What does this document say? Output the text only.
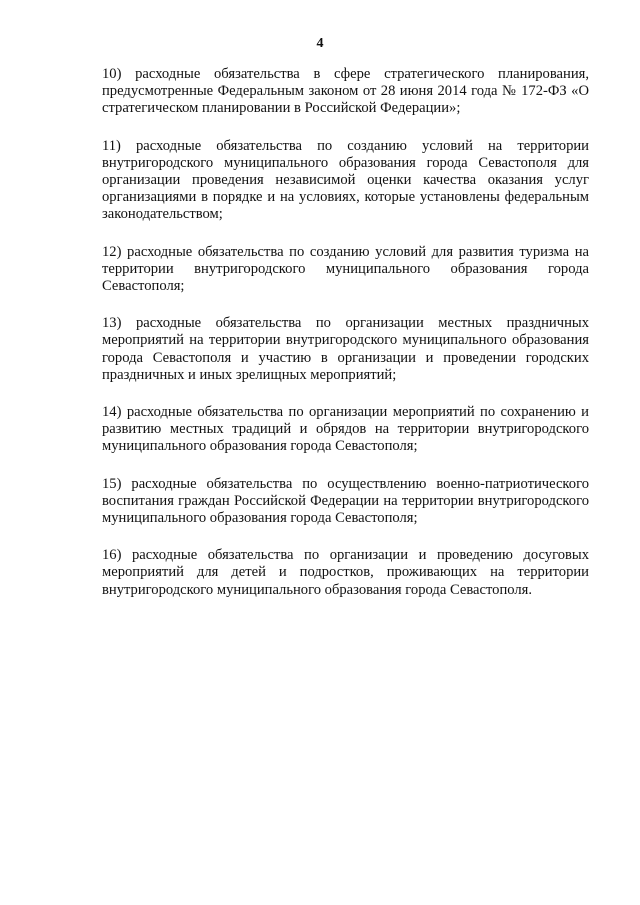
4

10) расходные обязательства в сфере стратегического планирования, предусмотренные Федеральным законом от 28 июня 2014 года № 172-ФЗ «О стратегическом планировании в Российской Федерации»;

11) расходные обязательства по созданию условий на территории внутригородского муниципального образования города Севастополя для организации проведения независимой оценки качества оказания услуг организациями в порядке и на условиях, которые установлены федеральным законодательством;

12) расходные обязательства по созданию условий для развития туризма на территории внутригородского муниципального образования города Севастополя;

13) расходные обязательства по организации местных праздничных мероприятий на территории внутригородского муниципального образования города Севастополя и участию в организации и проведении городских праздничных и иных зрелищных мероприятий;

14) расходные обязательства по организации мероприятий по сохранению и развитию местных традиций и обрядов на территории внутригородского муниципального образования города Севастополя;

15) расходные обязательства по осуществлению военно-патриотического воспитания граждан Российской Федерации на территории внутригородского муниципального образования города Севастополя;

16) расходные обязательства по организации и проведению досуговых мероприятий для детей и подростков, проживающих на территории внутригородского муниципального образования города Севастополя.
